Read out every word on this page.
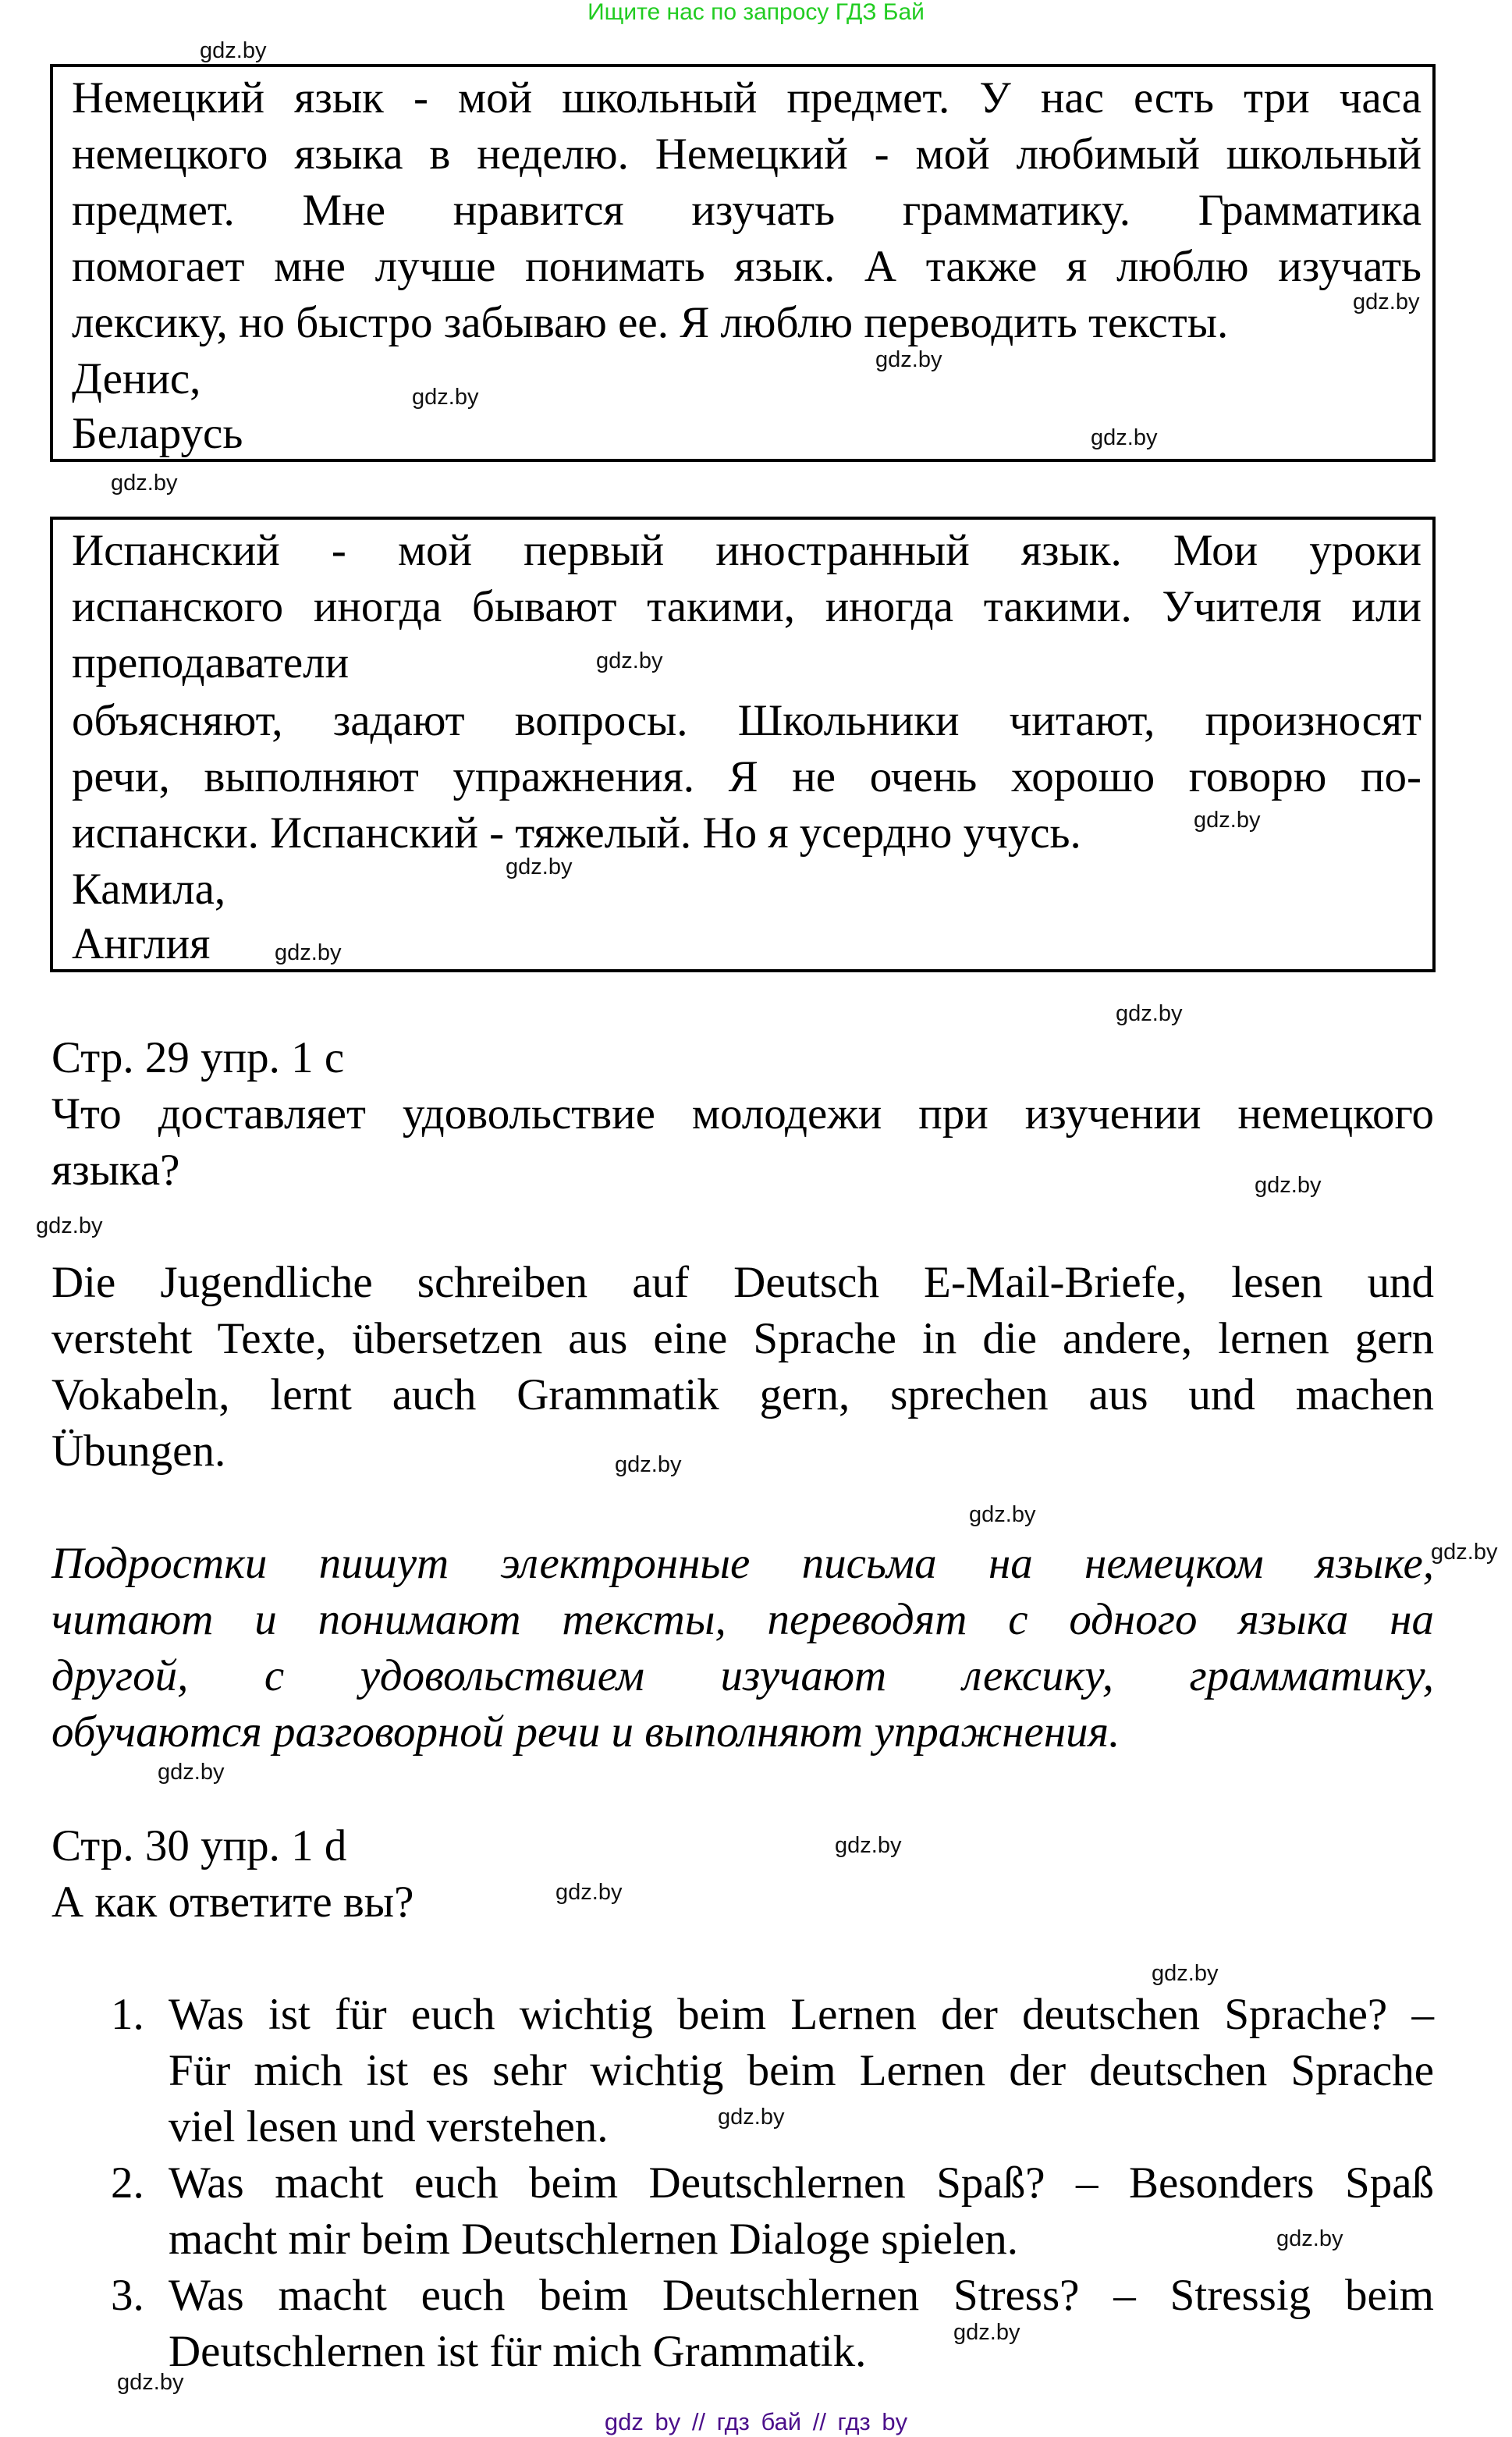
Ищите нас по запросу ГДЗ Бай
Немецкий язык - мой школьный предмет. У нас есть три часа
немецкого языка в неделю. Немецкий - мой любимый школьный
предмет. Мне нравится изучать грамматику. Грамматика
помогает мне лучше понимать язык. А также я люблю изучать
лексику, но быстро забываю ее. Я люблю переводить тексты.
Денис,
Беларусь
Испанский - мой первый иностранный язык. Мои уроки
испанского иногда бывают такими, иногда такими. Учителя или
преподаватели
объясняют, задают вопросы. Школьники читают, произносят
речи, выполняют упражнения. Я не очень хорошо говорю по-
испански. Испанский - тяжелый. Но я усердно учусь.
Камила,
Англия
Стр. 29 упр. 1 с
Что доставляет удовольствие молодежи при изучении немецкого
языка?
Die Jugendliche schreiben auf Deutsch E-Mail-Briefe, lesen und
versteht Texte, übersetzen aus eine Sprache in die andere, lernen gern
Vokabeln, lernt auch Grammatik gern, sprechen aus und machen
Übungen.
Подростки пишут электронные письма на немецком языке,
читают и понимают тексты, переводят с одного языка на
другой, с удовольствием изучают лексику, грамматику,
обучаются разговорной речи и выполняют упражнения.
Стр. 30 упр. 1 d
А как ответите вы?
1. Was ist für euch wichtig beim Lernen der deutschen Sprache? –
Für mich ist es sehr wichtig beim Lernen der deutschen Sprache
viel lesen und verstehen.
2. Was macht euch beim Deutschlernen Spaß? – Besonders Spaß
macht mir beim Deutschlernen Dialoge spielen.
3. Was macht euch beim Deutschlernen Stress? – Stressig beim
Deutschlernen ist für mich Grammatik.
gdz.by
gdz.by
gdz.by
gdz.by
gdz.by
gdz.by
gdz.by
gdz.by
gdz.by
gdz.by
gdz.by
gdz.by
gdz.by
gdz.by
gdz.by
gdz.by
gdz.by
gdz.by
gdz.by
gdz.by
gdz.by
gdz.by
gdz.by
gdz.by
gdz by // гдз бай // гдз by
